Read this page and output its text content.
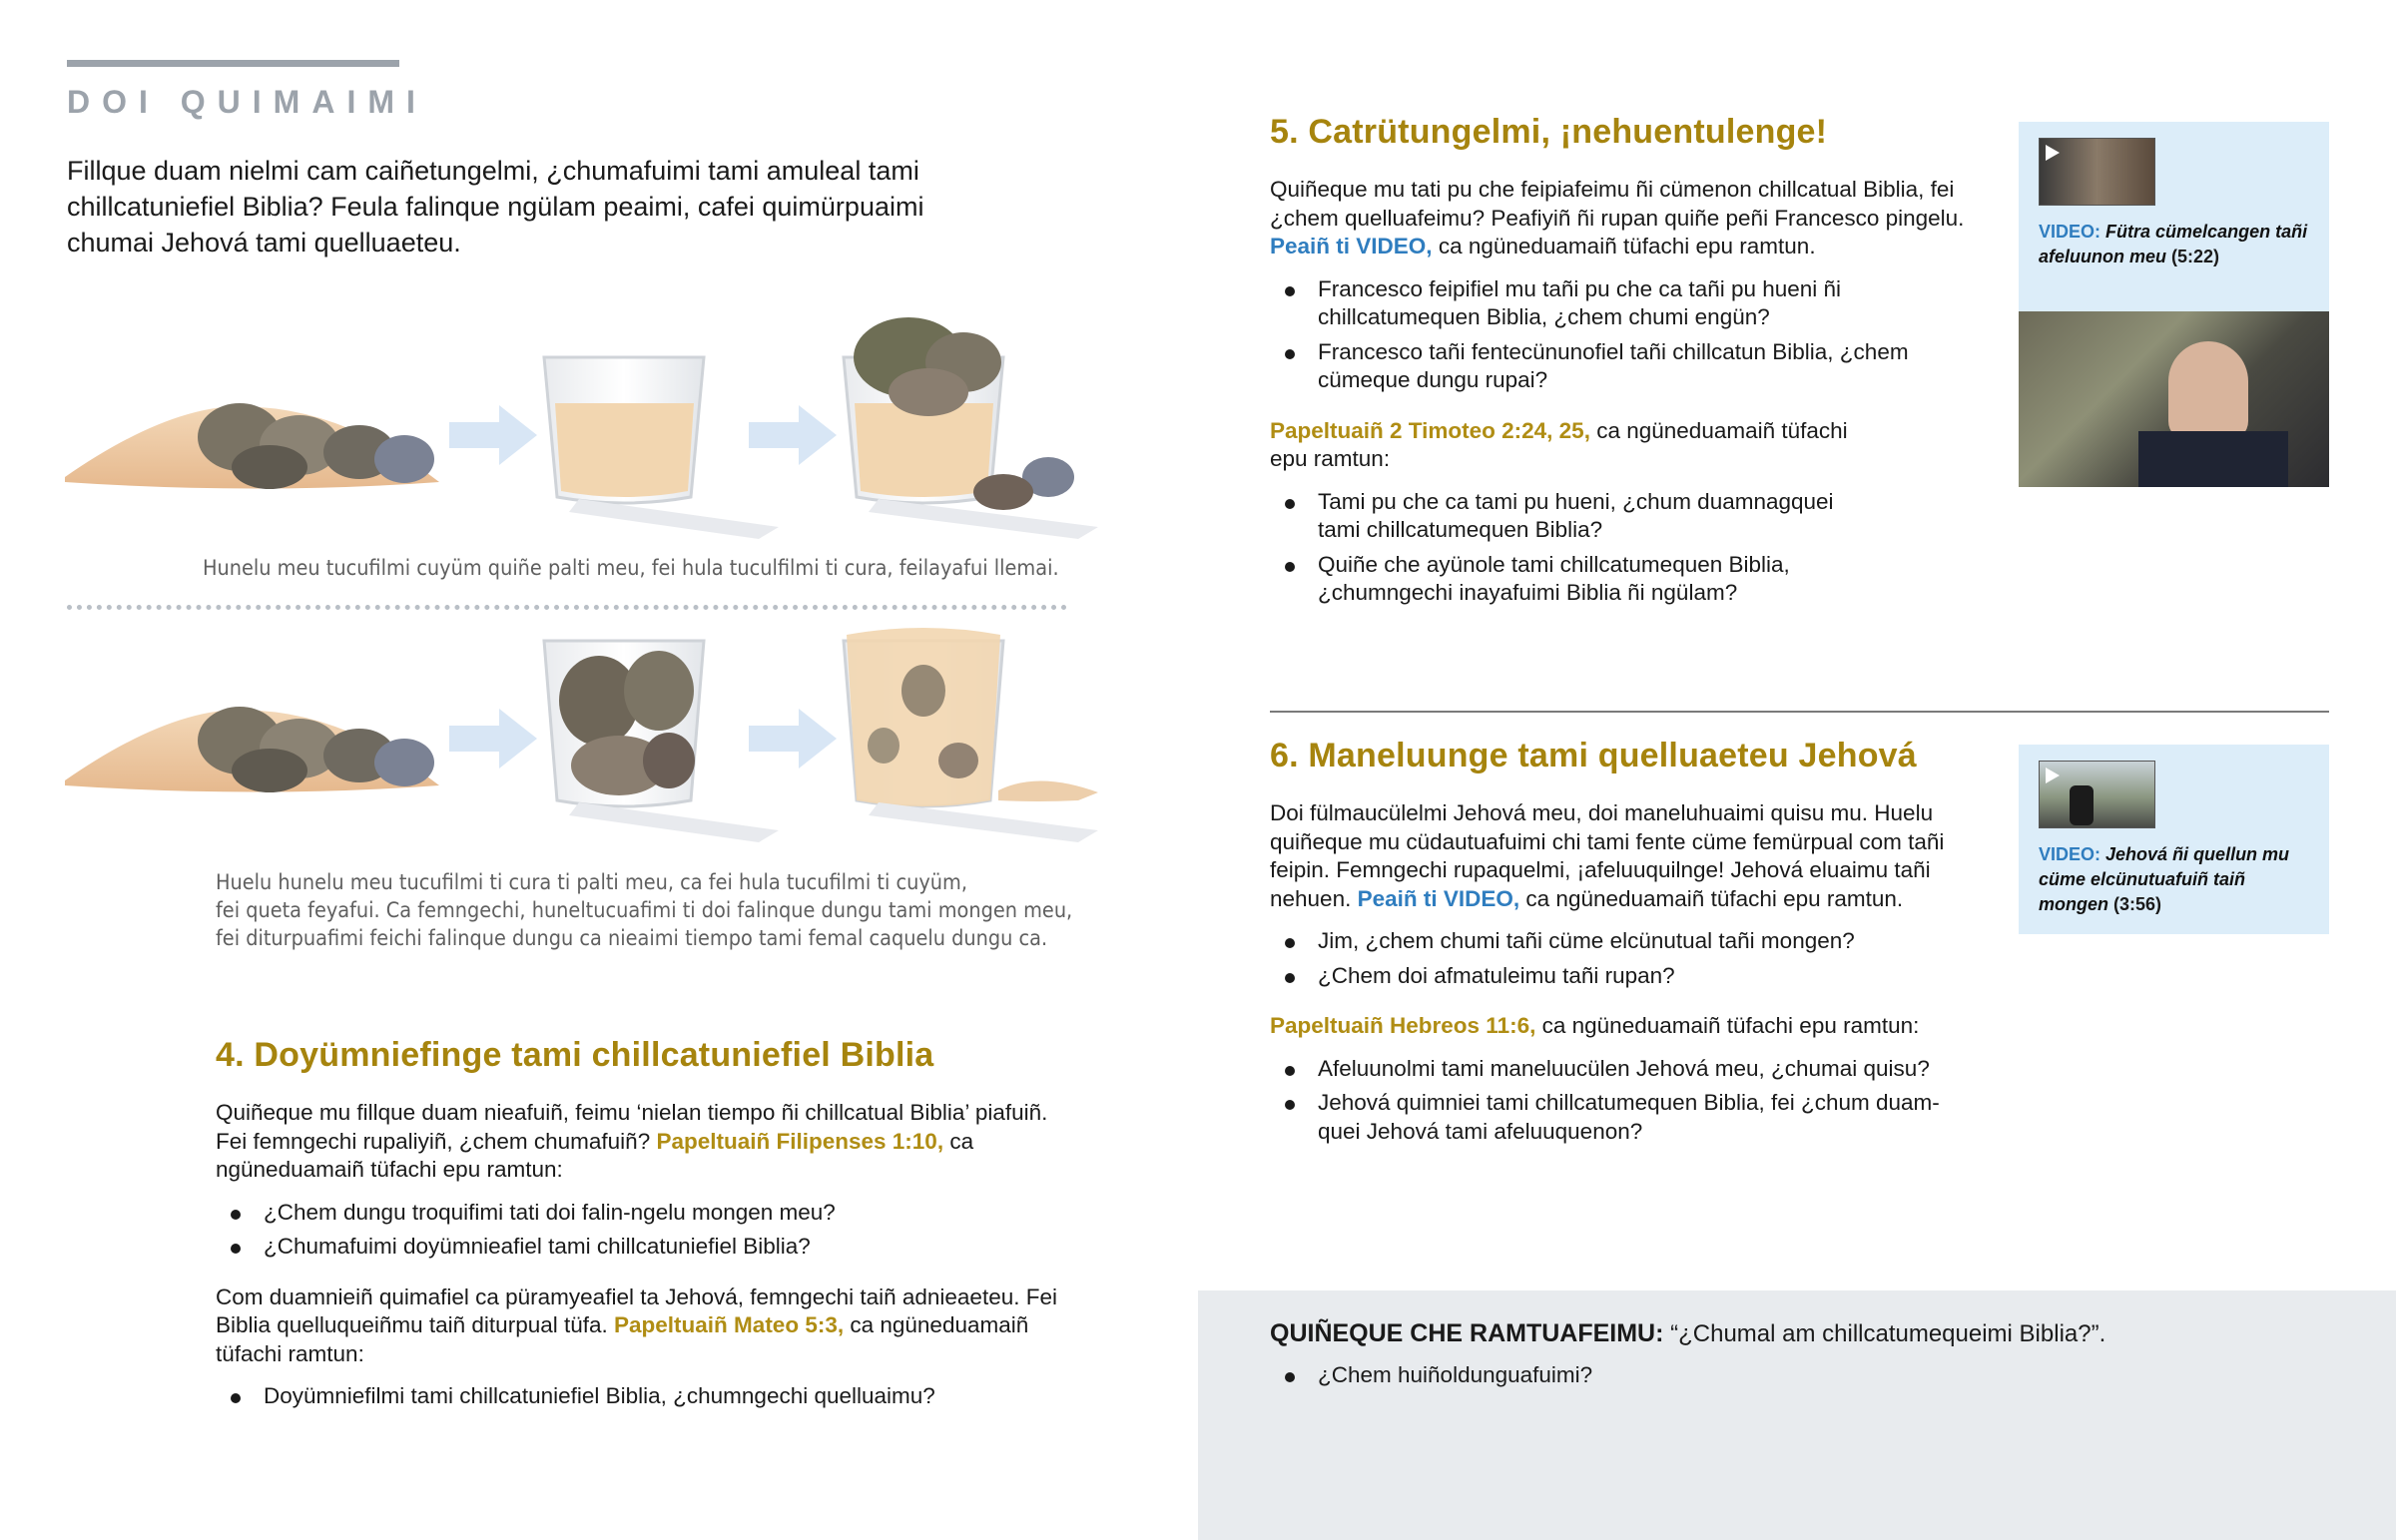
DOI QUIMAIMI

Fillque duam nielmi cam caiñetungelmi, ¿chumafuimi tami amuleal tami chillcatuniefiel Biblia? Feula falinque ngülam peaimi, cafei quimürpuaimi chumai Jehová tami quelluaeteu.

Hunelu meu tucufilmi cuyüm quiñe palti meu, fei hula tuculfilmi ti cura, feilayafui llemai.
Huelu hunelu meu tucufilmi ti cura ti palti meu, ca fei hula tucufilmi ti cuyüm,
fei queta feyafui. Ca femngechi, huneltucuafimi ti doi falinque dungu tami mongen meu,
fei diturpuafimi feichi falinque dungu ca nieaimi tiempo tami femal caquelu dungu ca.
4. Doyümniefinge tami chillcatuniefiel Biblia

Quiñeque mu fillque duam nieafuiñ, feimu ‘nielan tiempo ñi chillcatual Biblia’ piafuiñ. Fei femngechi rupaliyiñ, ¿chem chumafuiñ? Papeltuaiñ Filipenses 1:10, ca ngüneduamaiñ tüfachi epu ramtun:

¿Chem dungu troquifimi tati doi falin-ngelu mongen meu?
¿Chumafuimi doyümnieafiel tami chillcatuniefiel Biblia?

Com duamnieiñ quimafiel ca püramyeafiel ta Jehová, femngechi taiñ adnieaeteu. Fei Biblia quelluqueiñmu taiñ diturpual tüfa. Papeltuaiñ Mateo 5:3, ca ngüneduamaiñ tüfachi ramtun:

Doyümniefilmi tami chillcatuniefiel Biblia, ¿chumngechi quelluaimu?
5. Catrütungelmi, ¡nehuentulenge!

Quiñeque mu tati pu che feipiafeimu ñi cümenon chillcatual Biblia, fei ¿chem quelluafeimu? Peafiyiñ ñi rupan quiñe peñi Francesco pingelu. Peaiñ ti VIDEO, ca ngüneduamaiñ tüfachi epu ramtun.

Francesco feipifiel mu tañi pu che ca tañi pu hueni ñi chillcatumequen Biblia, ¿chem chumi engün?
Francesco tañi fentecünunofiel tañi chillcatun Biblia, ¿chem cümeque dungu rupai?

Papeltuaiñ 2 Timoteo 2:24, 25, ca ngüneduamaiñ tüfachi epu ramtun:

Tami pu che ca tami pu hueni, ¿chum duamnagquei tami chillcatumequen Biblia?
Quiñe che ayünole tami chillcatumequen Biblia, ¿chumngechi inayafuimi Biblia ñi ngülam?
VIDEO: Fütra cümelcangen tañi afeluunon meu (5:22)
6. Maneluunge tami quelluaeteu Jehová

Doi fülmaucülelmi Jehová meu, doi maneluhuaimi quisu mu. Huelu quiñeque mu cüdautuafuimi chi tami fente cüme femürpual com tañi feipin. Femngechi rupaquelmi, ¡afeluuquilnge! Jehová eluaimu tañi nehuen. Peaiñ ti VIDEO, ca ngüneduamaiñ tüfachi epu ramtun.

Jim, ¿chem chumi tañi cüme elcünutual tañi mongen?
¿Chem doi afmatuleimu tañi rupan?

Papeltuaiñ Hebreos 11:6, ca ngüneduamaiñ tüfachi epu ramtun:

Afeluunolmi tami maneluucülen Jehová meu, ¿chumai quisu?
Jehová quimniei tami chillcatumequen Biblia, fei ¿chum duam-quei Jehová tami afeluuquenon?
VIDEO: Jehová ñi quellun mu cüme elcünutuafuiñ taiñ mongen (3:56)

QUIÑEQUE CHE RAMTUAFEIMU: “¿Chumal am chillcatumequeimi Biblia?”.

¿Chem huiñoldunguafuimi?
